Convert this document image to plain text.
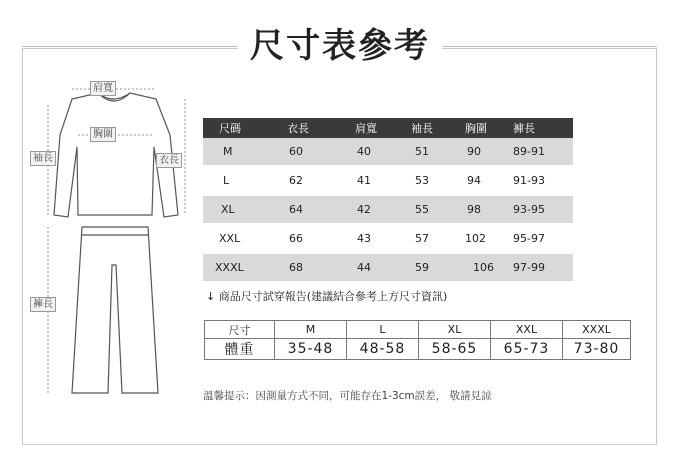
尺寸表參考
肩寬
胸圍
袖長	衣長
褲長
尺碼	衣長	肩寬	袖長	胸圍	褲長
M	60	40	51	90	89-91
L	62	41	53	94	91-93
XL	64	42	55	98	93-95
XXL	66	43	57	102	95-97
XXXL	68	44	59	106	97-99
↓ 商品尺寸試穿報告(建議結合參考上方尺寸資訊)
尺寸	M	L	XL	XXL	XXXL
體重	35-48	48-58	58-65	65-73	73-80
溫馨提示：因測量方式不同，可能存在1-3cm誤差， 敬請見諒
